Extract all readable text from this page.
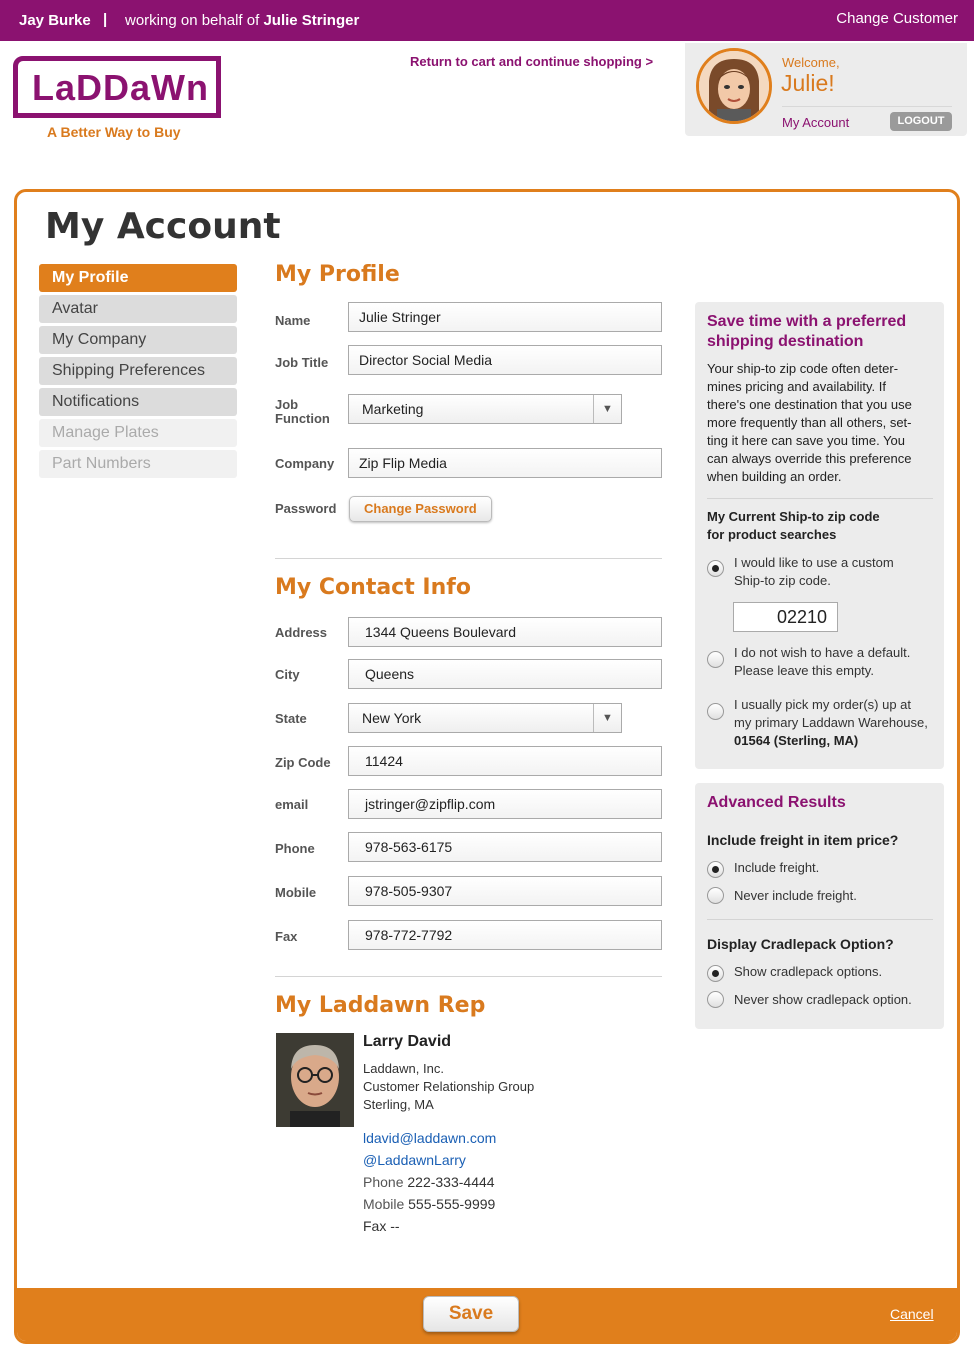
Jay Burke | working on behalf of Julie Stringer	Change Customer
LaDDaWn
A Better Way to Buy
Return to cart and continue shopping >	Welcome,
Julie!
My Account	LOGOUT
My Account
My Profile
Avatar
My Company
Shipping Preferences
Notifications
Manage Plates
Part Numbers
My Profile
Name	Julie Stringer
Job Title	Director Social Media
Job
Function
Marketing	▼
Company	Zip Flip Media
Password	Change Password
My Contact Info
Address	1344 Queens Boulevard
City	Queens
State	New York	▼
Zip Code	11424
email	jstringer@zipflip.com
Phone	978-563-6175
Mobile	978-505-9307
Fax	978-772-7792
My Laddawn Rep
Larry David
Laddawn, Inc.
Customer Relationship Group
Sterling, MA
ldavid@laddawn.com
@LaddawnLarry
Phone 222-333-4444
Mobile 555-555-9999
Fax --
Save time with a preferred
shipping destination
Your ship-to zip code often deter-
mines pricing and availability. If
there's one destination that you use
more frequently than all others, set-
ting it here can save you time. You
can always override this preference
when building an order.
My Current Ship-to zip code
for product searches
I would like to use a custom
Ship-to zip code.
02210
I do not wish to have a default.
Please leave this empty.
I usually pick my order(s) up at
my primary Laddawn Warehouse,
01564 (Sterling, MA)
Advanced Results
Include freight in item price?
Include freight.
Never include freight.
Display Cradlepack Option?
Show cradlepack options.
Never show cradlepack option.
Save	Cancel
